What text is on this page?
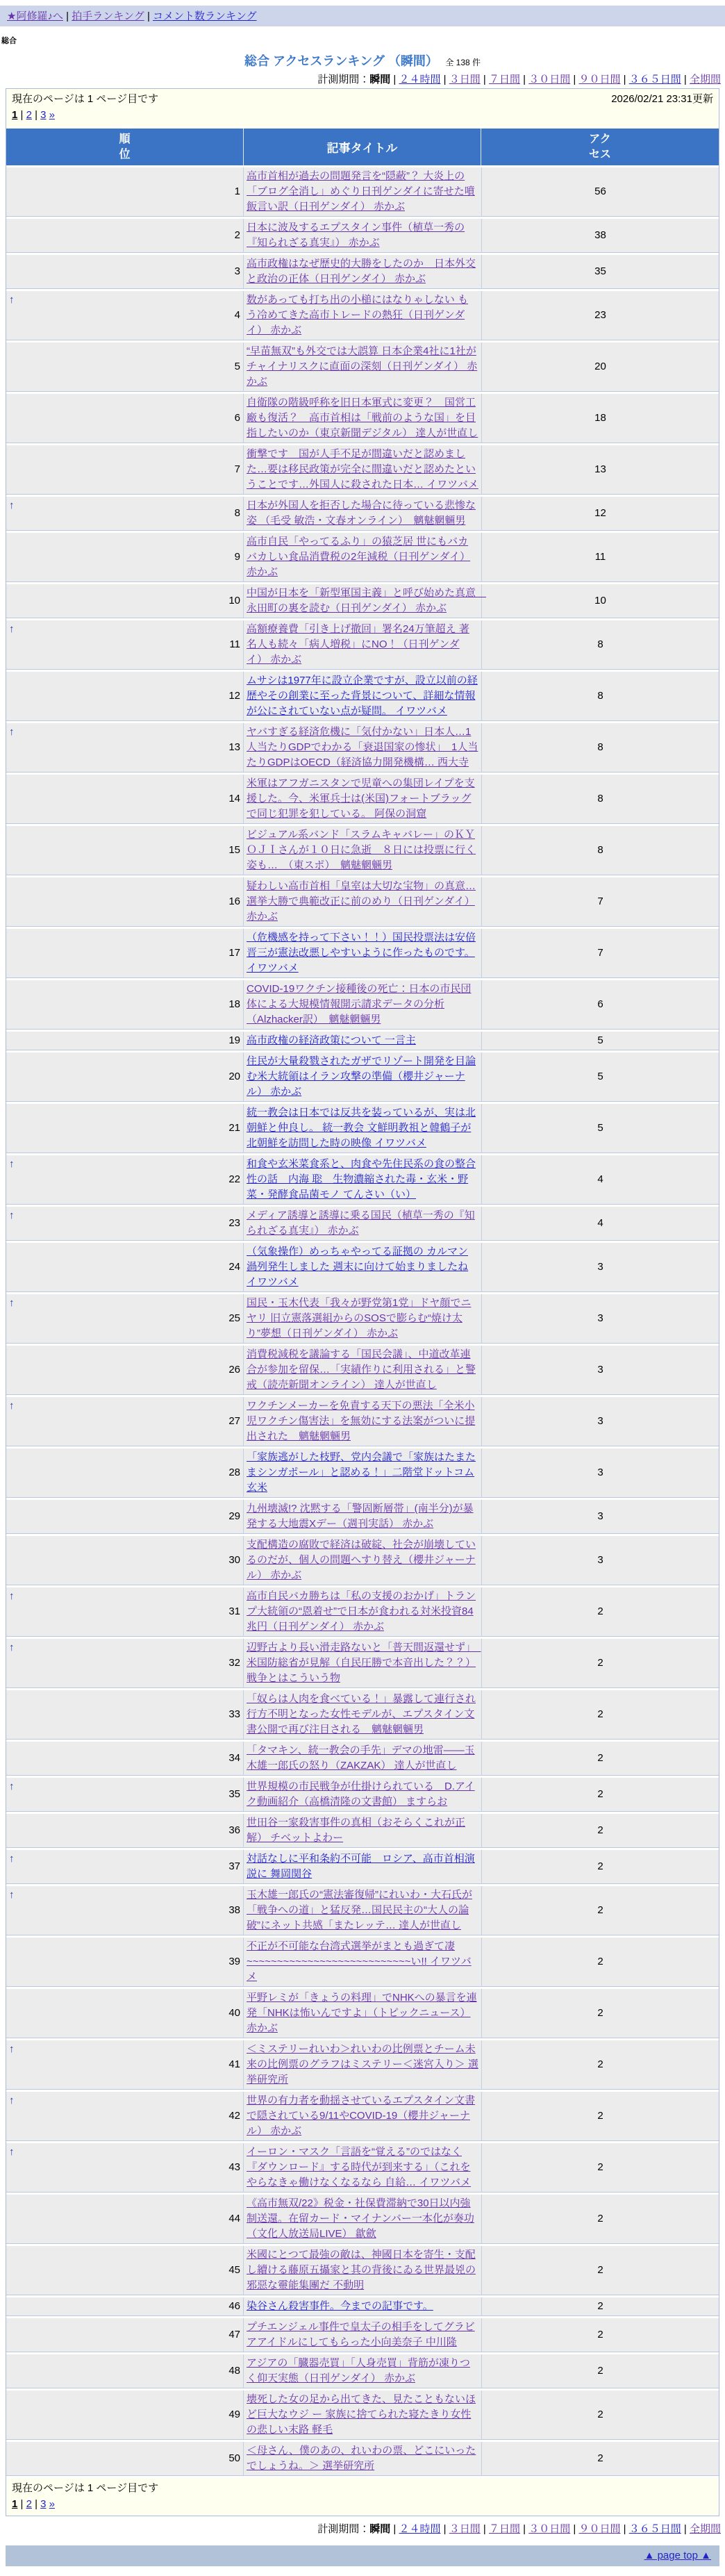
★阿修羅♪へ | 拍手ランキング | コメント数ランキング
総合
総合 アクセスランキング （瞬間） 全 138 件
計測期間：瞬間 | ２４時間 | ３日間 | ７日間 | ３０日間 | ９０日間 | ３６５日間 | 全期間
2026/02/21 23:31更新
現在のページは 1 ページ目です
1 | 2 | 3 »
順位	記事タイトル	アクセス
1	高市首相が過去の問題発言を“隠蔽”？ 大炎上の「ブログ全消し」めぐり日刊ゲンダイに寄せた噴飯言い訳（日刊ゲンダイ） 赤かぶ	56
2	日本に波及するエプスタイン事件（植草一秀の『知られざる真実』） 赤かぶ	38
3	高市政権はなぜ歴史的大勝をしたのか　日本外交と政治の正体（日刊ゲンダイ） 赤かぶ	35

↑
4	数があっても打ち出の小槌にはなりゃしない もう冷めてきた高市トレードの熱狂（日刊ゲンダイ） 赤かぶ	23
5	“早苗無双”も外交では大誤算 日本企業4社に1社がチャイナリスクに直面の深刻（日刊ゲンダイ） 赤かぶ	20
6	自衛隊の階級呼称を旧日本軍式に変更？　国営工廠も復活？　高市首相は「戦前のような国」を目指したいのか（東京新聞デジタル） 達人が世直し	18
7	衝撃です　国が人手不足が間違いだと認めました…要は移民政策が完全に間違いだと認めたということです…外国人に殺された日本… イワツバメ	13

↑
8	日本が外国人を拒否した場合に待っている悲惨な姿 （毛受 敏浩・文春オンライン）　魑魅魍魎男	12
9	高市自民「やってるふり」の猿芝居 世にもバカバカしい食品消費税の2年減税（日刊ゲンダイ） 赤かぶ	11
10	中国が日本を「新型軍国主義」と呼び始めた真意　永田町の裏を読む（日刊ゲンダイ） 赤かぶ	10

↑
11	高額療養費「引き上げ撤回」署名24万筆超え 著名人も続々「病人増税」にNO！（日刊ゲンダイ） 赤かぶ	8
12	ムサシは1977年に設立企業ですが、設立以前の経歴やその創業に至った背景について、詳細な情報が公にされていない点が疑問。 イワツバメ	8

↑
13	ヤバすぎる経済危機に「気付かない」日本人…1人当たりGDPでわかる「衰退国家の惨状」　1人当たりGDPはOECD（経済協力開発機構… 西大寺	8
14	米軍はアフガニスタンで児童への集団レイプを支援した。今、米軍兵士は(米国)フォートブラッグで同じ犯罪を犯している。 阿保の洞窟	8
15	ビジュアル系バンド「スラムキャバレー」のＫＹＯＪＩさんが１０日に急逝　８日には投票に行く姿も…　（東スポ）　魑魅魍魎男	8
16	疑わしい高市首相「皇室は大切な宝物」の真意…選挙大勝で典範改正に前のめり（日刊ゲンダイ） 赤かぶ	7
17	（危機感を持って下さい！！）国民投票法は安倍晋三が憲法改悪しやすいように作ったものです。 イワツバメ	7
18	COVID-19ワクチン接種後の死亡：日本の市民団体による大規模情報開示請求データの分析 （Alzhacker訳）　魑魅魍魎男	6
19	高市政権の経済政策について 一言主	5
20	住民が大量殺戮されたガザでリゾート開発を目論む米大統領はイラン攻撃の準備（櫻井ジャーナル） 赤かぶ	5
21	統一教会は日本では反共を装っているが、実は北朝鮮と仲良し。 統一教会 文鮮明教祖と韓鶴子が北朝鮮を訪問した時の映像 イワツバメ	5

↑
22	和食や玄米菜食系と、肉食や先住民系の食の整合性の話　内海 聡　生物濃縮された毒・玄米・野菜・発酵食品菌モノ てんさい（い）	4

↑
23	メディア誘導と誘導に乗る国民（植草一秀の『知られざる真実』） 赤かぶ	4
24	（気象操作）めっちゃやってる証拠の カルマン渦列発生しました 週末に向けて始まりましたね イワツバメ	3

↑
25	国民・玉木代表「我々が野党第1党」ドヤ顔でニヤリ 旧立憲落選組からのSOSで膨らむ“焼け太り”夢想（日刊ゲンダイ） 赤かぶ	3
26	消費税減税を議論する「国民会議」、中道改革連合が参加を留保…「実績作りに利用される」と警戒（読売新聞オンライン） 達人が世直し	3

↑
27	ワクチンメーカーを免責する天下の悪法「全米小児ワクチン傷害法」を無効にする法案がついに提出された　魑魅魍魎男	3
28	「家族逃がした枝野、党内会議で「家族はたまたまシンガポール」と認める！」二階堂ドットコム 玄米	3
29	九州壊滅!? 沈黙する「警固断層帯」(南半分)が暴発する大地震Xデー（週刊実話） 赤かぶ	3
30	支配構造の腐敗で経済は破綻、社会が崩壊しているのだが、個人の問題へすり替え（櫻井ジャーナル） 赤かぶ	3

↑
31	高市自民バカ勝ちは「私の支援のおかげ」トランプ大統領の“恩着せ”で日本が食われる対米投資84兆円（日刊ゲンダイ） 赤かぶ	2

↑
32	辺野古より長い滑走路ないと「普天間返還せず」　米国防総省が見解（自民圧勝で本音出した？？） 戦争とはこういう物	2
33	「奴らは人肉を食べている！」暴露して連行され行方不明となった女性モデルが、エプスタイン文書公開で再び注目される　魑魅魍魎男	2
34	「タマキン、統一教会の手先」デマの地雷――玉木雄一郎氏の怒り（ZAKZAK） 達人が世直し	2

↑
35	世界規模の市民戦争が仕掛けられている　D.アイク動画紹介（高橋清隆の文書館） ますらお	2
36	世田谷一家殺害事件の真相（おそらくこれが正解） チベットよわー	2

↑
37	対話なしに平和条約不可能　ロシア、高市首相演説に 舞岡関谷	2

↑
38	玉木雄一郎氏の“憲法審復帰”にれいわ・大石氏が「戦争への道」と猛反発…国民民主の“大人の論破”にネット共感「またレッテ… 達人が世直し	2
39	不正が不可能な台湾式選挙がまとも過ぎて凄~~~~~~~~~~~~~~~~~~~~~~~~~~~い!! イワツバメ	2
40	平野レミが「きょうの料理」でNHKへの暴言を連発「NHKは怖いんですよ」（トピックニュース） 赤かぶ	2

↑
41	＜ミステリーれいわ＞れいわの比例票とチーム未来の比例票のグラフはミステリー＜迷宮入り＞ 選挙研究所	2

↑
42	世界の有力者を動揺させているエプスタイン文書で隠されている9/11やCOVID-19（櫻井ジャーナル） 赤かぶ	2

↑
43	イーロン・マスク「言語を“覚える”のではなく『ダウンロード』する時代が到来する」（これをやらなきゃ働けなくなるなら 自給… イワツバメ	2
44	《高市無双/22》税金・社保費滞納で30日以内強制送還。在留カード・マイナンバー一本化が奏功（文化人放送局LIVE） 歙歛	2
45	米國にとつて最強の敵は、神國日本を寄生・支配し續ける藤原五攝家と其の背後にゐる世界最兇の邪惡な靈能集團だ 不動明	2
46	染谷さん殺害事件。今までの記事です。	2
47	プチエンジェル事件で皇太子の相手をしてグラビアアイドルにしてもらった小向美奈子 中川隆	2
48	アジアの「臓器売買」「人身売買」背筋が凍りつく仰天実態（日刊ゲンダイ） 赤かぶ	2
49	壊死した女の足から出てきた、見たこともないほど巨大なウジ ー 家族に捨てられた寝たきり女性の悲しい末路 軽毛	2
50	＜母さん、僕のあの、れいわの票、どこにいったでしょうね。＞ 選挙研究所	2
現在のページは 1 ページ目です
1 | 2 | 3 »
計測期間：瞬間 | ２４時間 | ３日間 | ７日間 | ３０日間 | ９０日間 | ３６５日間 | 全期間
▲ page top ▲
